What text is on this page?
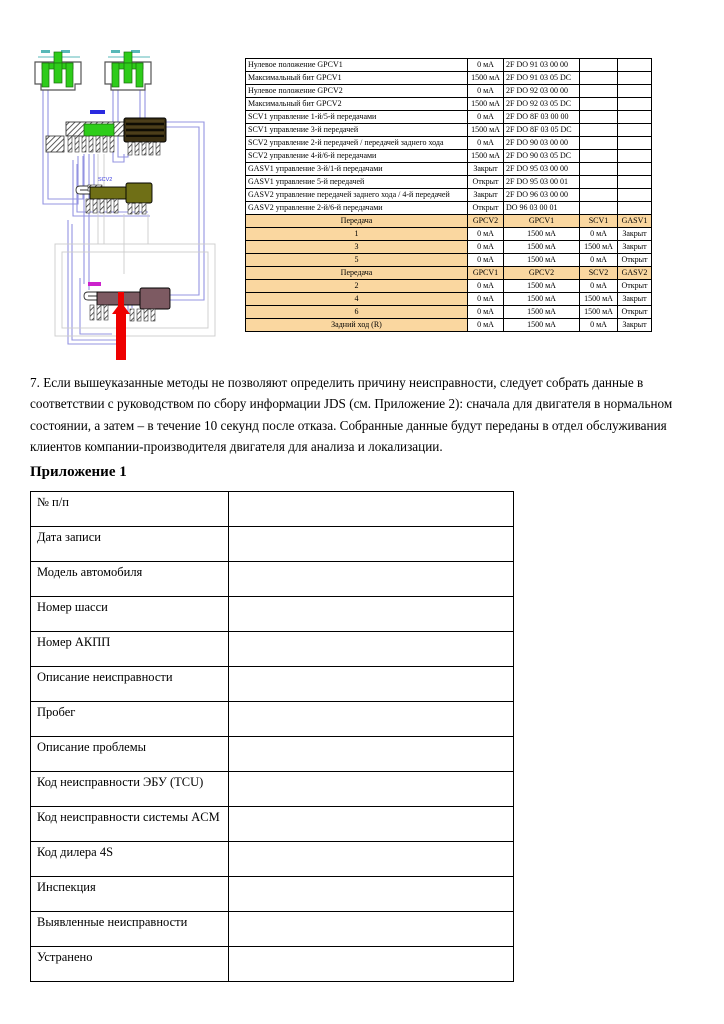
SCV2
Нулевое положение GPCV1	0 мА	2F DO 91 03 00 00		
Максимальный бит GPCV1	1500 мА	2F DO 91 03 05 DC		
Нулевое положение GPCV2	0 мА	2F DO 92 03 00 00		
Максимальный бит GPCV2	1500 мА	2F DO 92 03 05 DC		
SCV1 управление 1-й/5-й передачами	0 мА	2F DO 8F 03 00 00		
SCV1 управление 3-й передачей	1500 мА	2F DO 8F 03 05 DC		
SCV2 управление 2-й передачей / передачей заднего хода	0 мА	2F DO 90 03 00 00		
SCV2 управление 4-й/6-й передачами	1500 мА	2F DO 90 03 05 DC		
GASV1 управление 3-й/1-й передачами	Закрыт	2F DO 95 03 00 00		
GASV1 управление 5-й передачей	Открыт	2F DO 95 03 00 01		
GASV2 управление передачей заднего хода / 4-й передачей	Закрыт	2F DO 96 03 00 00		
GASV2 управление 2-й/6-й передачами	Открыт	DO 96 03 00 01		
Передача	GPCV2	GPCV1	SCV1	GASV1
1	0 мА	1500 мА	0 мА	Закрыт
3	0 мА	1500 мА	1500 мА	Закрыт
5	0 мА	1500 мА	0 мА	Открыт
Передача	GPCV1	GPCV2	SCV2	GASV2
2	0 мА	1500 мА	0 мА	Открыт
4	0 мА	1500 мА	1500 мА	Закрыт
6	0 мА	1500 мА	1500 мА	Открыт
Задний ход (R)	0 мА	1500 мА	0 мА	Закрыт

7. Если вышеуказанные методы не позволяют определить причину неисправности, следует собрать данные в соответствии с руководством по сбору информации JDS (см. Приложение 2): сначала для двигателя в нормальном состоянии, а затем – в течение 10 секунд после отказа. Собранные данные будут переданы в отдел обслуживания клиентов компании-производителя двигателя для анализа и локализации.

Приложение 1
№ п/п	
Дата записи	
Модель автомобиля	
Номер шасси	
Номер АКПП	
Описание неисправности	
Пробег	
Описание проблемы	
Код неисправности ЭБУ (TCU)	
Код неисправности системы ACM	
Код дилера 4S	
Инспекция	
Выявленные неисправности	
Устранено	
